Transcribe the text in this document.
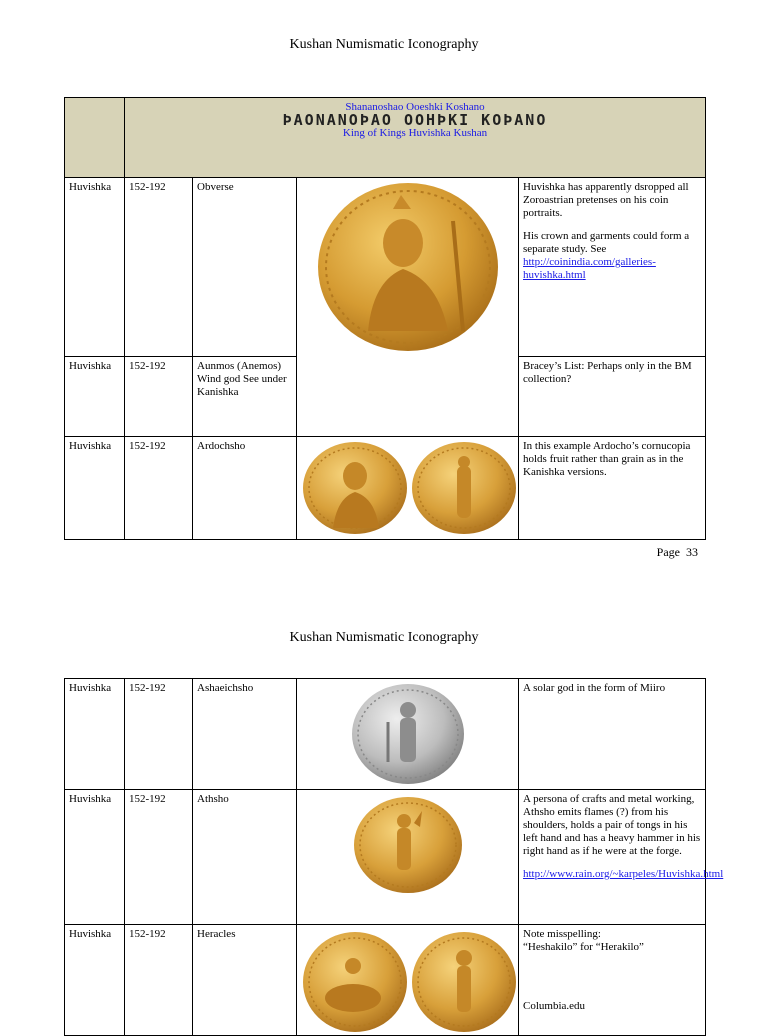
Kushan Numismatic Iconography

	Shananoshao Ooeshki Koshano
ÞΑΟΝΑΝΟÞΑΟ ΟΟΗÞΚΙ ΚΟÞΑΝΟ
King of Kings Huvishka Kushan			

Huvishka	152-192	Obverse		Huvishka has apparently dsropped all Zoroastrian pretenses on his coin portraits.

His crown and garments could form a separate study. See

http://coinindia.com/galleries-huvishka.html
Huvishka	152-192	Aunmos (Anemos) Wind god See under Kanishka		Bracey’s List: Perhaps only in the BM collection?
Huvishka	152-192	Ardochsho		In this example Ardocho’s cornucopia holds fruit rather than grain as in the Kanishka versions.
Page 33
Kushan Numismatic Iconography
Huvishka	152-192	Ashaeichsho		A solar god in the form of Miiro
Huvishka	152-192	Athsho		A persona of crafts and metal working, Athsho emits flames (?) from his shoulders, holds a pair of tongs in his left hand and has a heavy hammer in his right hand as if he were at the forge.

http://www.rain.org/~karpeles/Huvishka.html
Huvishka	152-192	Heracles		Note misspelling:
“Heshakilo” for “Herakilo”
Columbia.edu
